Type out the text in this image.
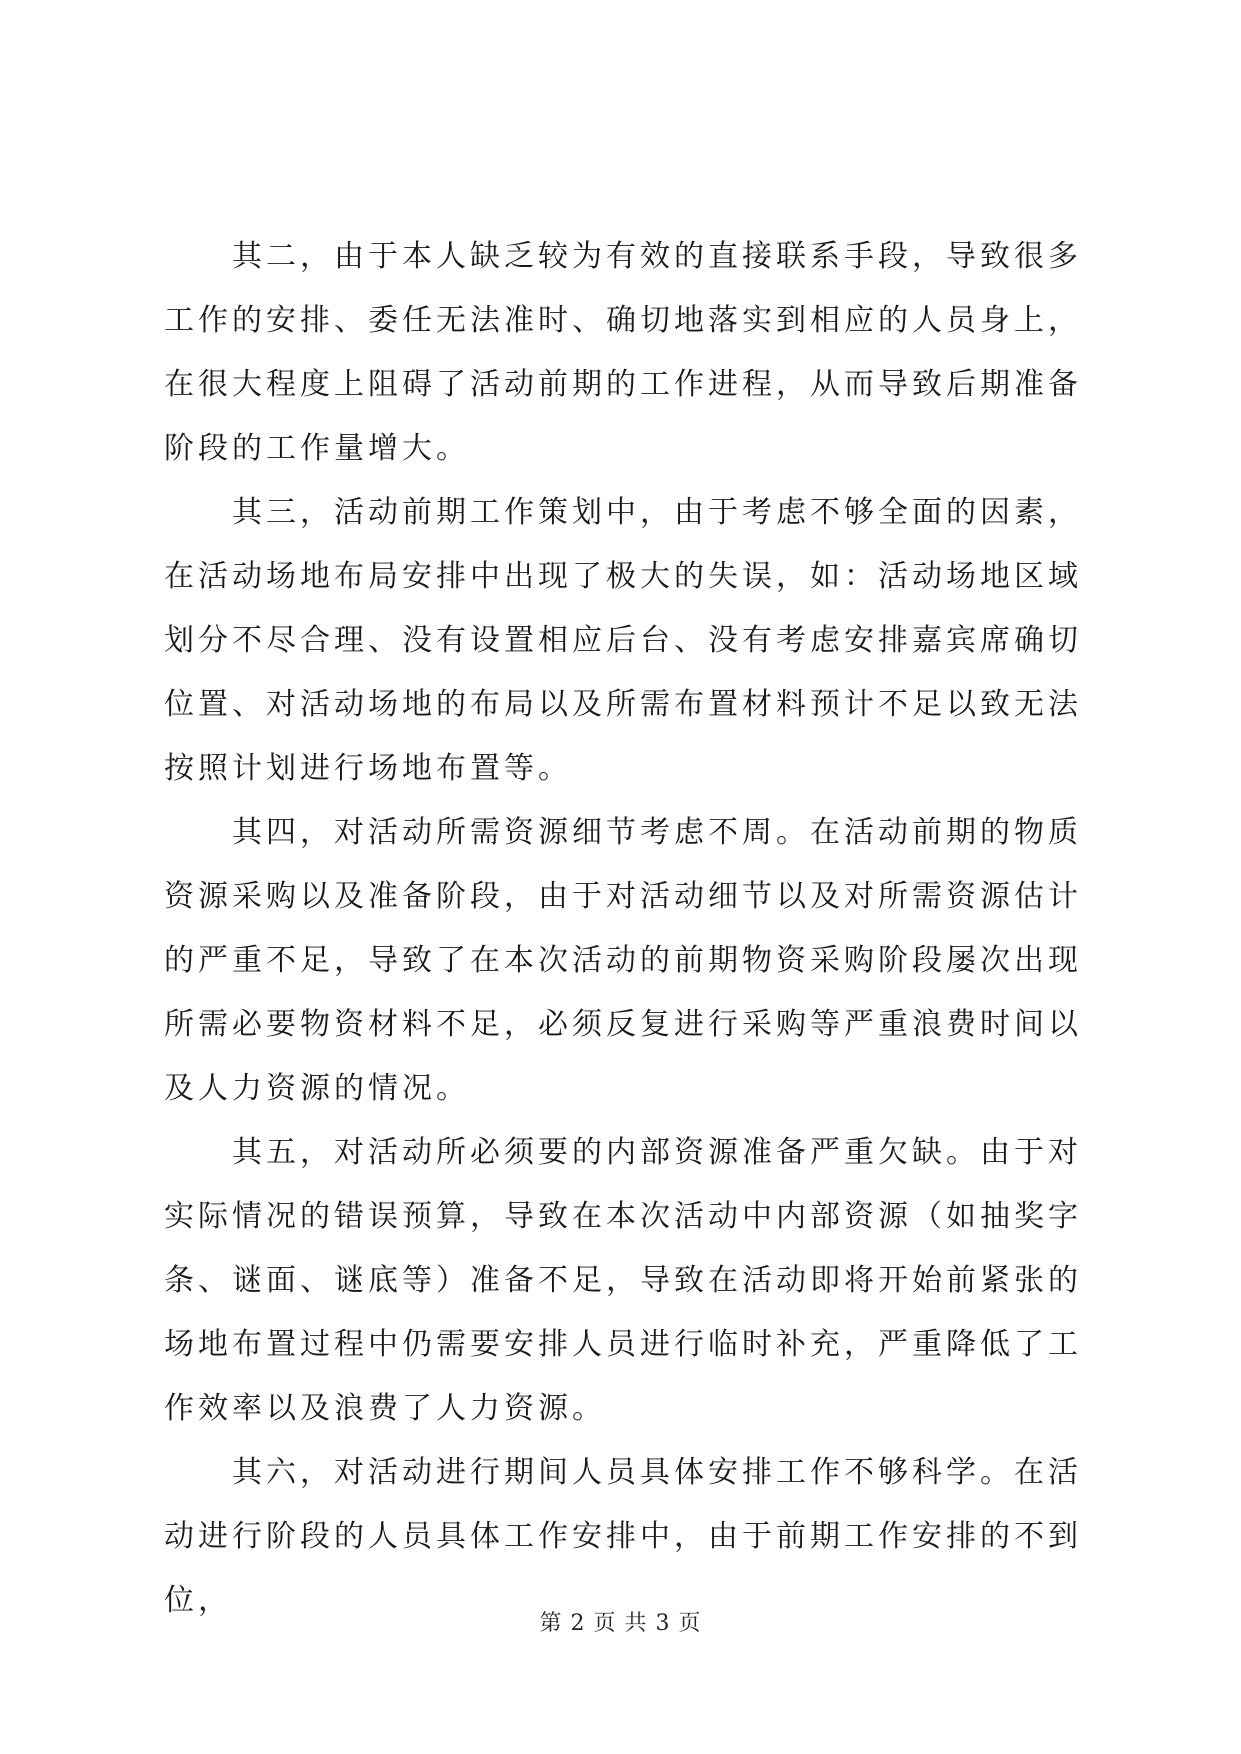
其二，由于本人缺乏较为有效的直接联系手段，导致很多工作的安排、委任无法准时、确切地落实到相应的人员身上，在很大程度上阻碍了活动前期的工作进程，从而导致后期准备阶段的工作量增大。

其三，活动前期工作策划中，由于考虑不够全面的因素，在活动场地布局安排中出现了极大的失误，如：活动场地区域划分不尽合理、没有设置相应后台、没有考虑安排嘉宾席确切位置、对活动场地的布局以及所需布置材料预计不足以致无法按照计划进行场地布置等。

其四，对活动所需资源细节考虑不周。在活动前期的物质资源采购以及准备阶段，由于对活动细节以及对所需资源估计的严重不足，导致了在本次活动的前期物资采购阶段屡次出现所需必要物资材料不足，必须反复进行采购等严重浪费时间以及人力资源的情况。

其五，对活动所必须要的内部资源准备严重欠缺。由于对实际情况的错误预算，导致在本次活动中内部资源（如抽奖字条、谜面、谜底等）准备不足，导致在活动即将开始前紧张的场地布置过程中仍需要安排人员进行临时补充，严重降低了工作效率以及浪费了人力资源。

其六，对活动进行期间人员具体安排工作不够科学。在活动进行阶段的人员具体工作安排中，由于前期工作安排的不到位，

第 2 页 共 3 页
